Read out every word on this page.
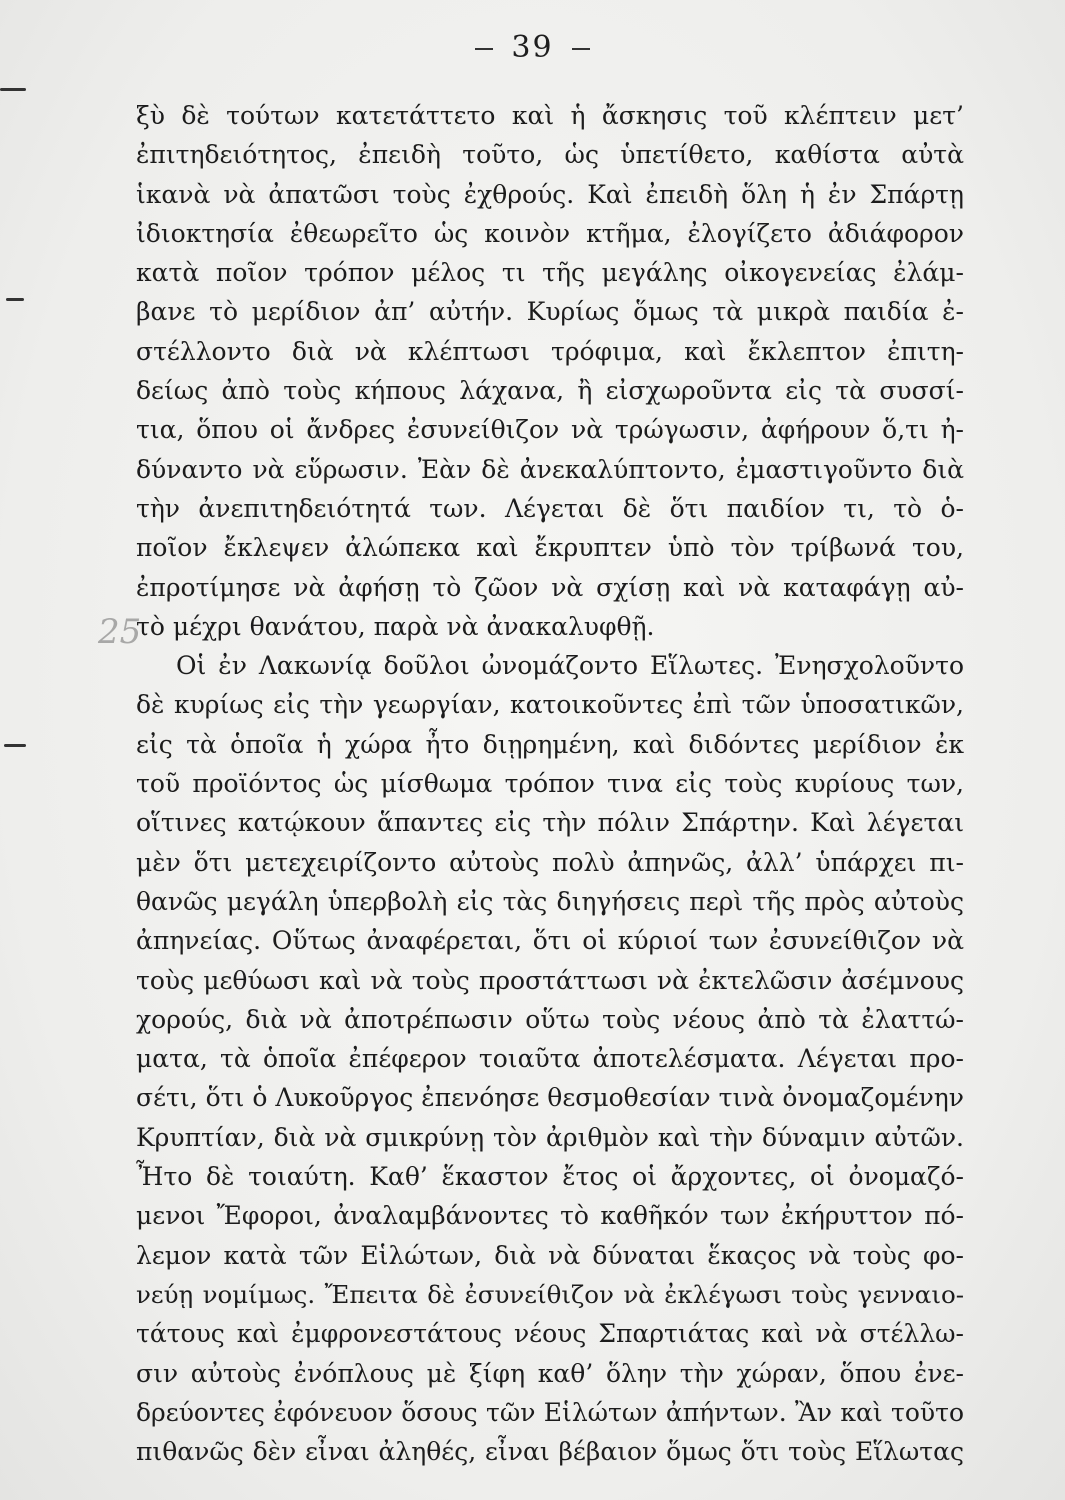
39
25
ξὺ δὲ τούτων κατετάττετο καὶ ἡ ἄσκησις τοῦ κλέπτειν μετ’
ἐπιτηδειότητος, ἐπειδὴ τοῦτο, ὡς ὑπετίθετο, καθίστα αὐτὰ
ἱκανὰ νὰ ἀπατῶσι τοὺς ἐχθρούς. Καὶ ἐπειδὴ ὅλη ἡ ἐν Σπάρτῃ
ἰδιοκτησία ἐθεωρεῖτο ὡς κοινὸν κτῆμα, ἐλογίζετο ἀδιάφορον
κατὰ ποῖον τρόπον μέλος τι τῆς μεγάλης οἰκογενείας ἐλάμ-
βανε τὸ μερίδιον ἀπ’ αὐτήν. Κυρίως ὅμως τὰ μικρὰ παιδία ἐ-
στέλλοντο διὰ νὰ κλέπτωσι τρόφιμα, καὶ ἔκλεπτον ἐπιτη-
δείως ἀπὸ τοὺς κήπους λάχανα, ἢ εἰσχωροῦντα εἰς τὰ συσσί-
τια, ὅπου οἱ ἄνδρες ἐσυνείθιζον νὰ τρώγωσιν, ἀφήρουν ὅ,τι ἠ-
δύναντο νὰ εὕρωσιν. Ἐὰν δὲ ἀνεκαλύπτοντο, ἐμαστιγοῦντο διὰ
τὴν ἀνεπιτηδειότητά των. Λέγεται δὲ ὅτι παιδίον τι, τὸ ὁ-
ποῖον ἔκλεψεν ἀλώπεκα καὶ ἔκρυπτεν ὑπὸ τὸν τρίβωνά του,
ἐπροτίμησε νὰ ἀφήσῃ τὸ ζῶον νὰ σχίσῃ καὶ νὰ καταφάγῃ αὐ-
τὸ μέχρι θανάτου, παρὰ νὰ ἀνακαλυφθῇ.
Οἱ ἐν Λακωνίᾳ δοῦλοι ὠνομάζοντο Εἵλωτες. Ἐνησχολοῦντο
δὲ κυρίως εἰς τὴν γεωργίαν, κατοικοῦντες ἐπὶ τῶν ὑποσατικῶν,
εἰς τὰ ὁποῖα ἡ χώρα ἦτο διῃρημένη, καὶ διδόντες μερίδιον ἐκ
τοῦ προϊόντος ὡς μίσθωμα τρόπον τινα εἰς τοὺς κυρίους των,
οἵτινες κατῴκουν ἅπαντες εἰς τὴν πόλιν Σπάρτην. Καὶ λέγεται
μὲν ὅτι μετεχειρίζοντο αὐτοὺς πολὺ ἀπηνῶς, ἀλλ’ ὑπάρχει πι-
θανῶς μεγάλη ὑπερβολὴ εἰς τὰς διηγήσεις περὶ τῆς πρὸς αὐτοὺς
ἀπηνείας. Οὕτως ἀναφέρεται, ὅτι οἱ κύριοί των ἐσυνείθιζον νὰ
τοὺς μεθύωσι καὶ νὰ τοὺς προστάττωσι νὰ ἐκτελῶσιν ἀσέμνους
χορούς, διὰ νὰ ἀποτρέπωσιν οὕτω τοὺς νέους ἀπὸ τὰ ἐλαττώ-
ματα, τὰ ὁποῖα ἐπέφερον τοιαῦτα ἀποτελέσματα. Λέγεται προ-
σέτι, ὅτι ὁ Λυκοῦργος ἐπενόησε θεσμοθεσίαν τινὰ ὀνομαζομένην
Κρυπτίαν, διὰ νὰ σμικρύνῃ τὸν ἀριθμὸν καὶ τὴν δύναμιν αὐτῶν.
Ἦτο δὲ τοιαύτη. Καθ’ ἕκαστον ἔτος οἱ ἄρχοντες, οἱ ὀνομαζό-
μενοι Ἔφοροι, ἀναλαμβάνοντες τὸ καθῆκόν των ἐκήρυττον πό-
λεμον κατὰ τῶν Εἱλώτων, διὰ νὰ δύναται ἕκαςος νὰ τοὺς φο-
νεύῃ νομίμως. Ἔπειτα δὲ ἐσυνείθιζον νὰ ἐκλέγωσι τοὺς γενναιο-
τάτους καὶ ἐμφρονεστάτους νέους Σπαρτιάτας καὶ νὰ στέλλω-
σιν αὐτοὺς ἐνόπλους μὲ ξίφη καθ’ ὅλην τὴν χώραν, ὅπου ἐνε-
δρεύοντες ἐφόνευον ὅσους τῶν Εἱλώτων ἀπήντων. Ἂν καὶ τοῦτο
πιθανῶς δὲν εἶναι ἀληθές, εἶναι βέβαιον ὅμως ὅτι τοὺς Εἵλωτας
